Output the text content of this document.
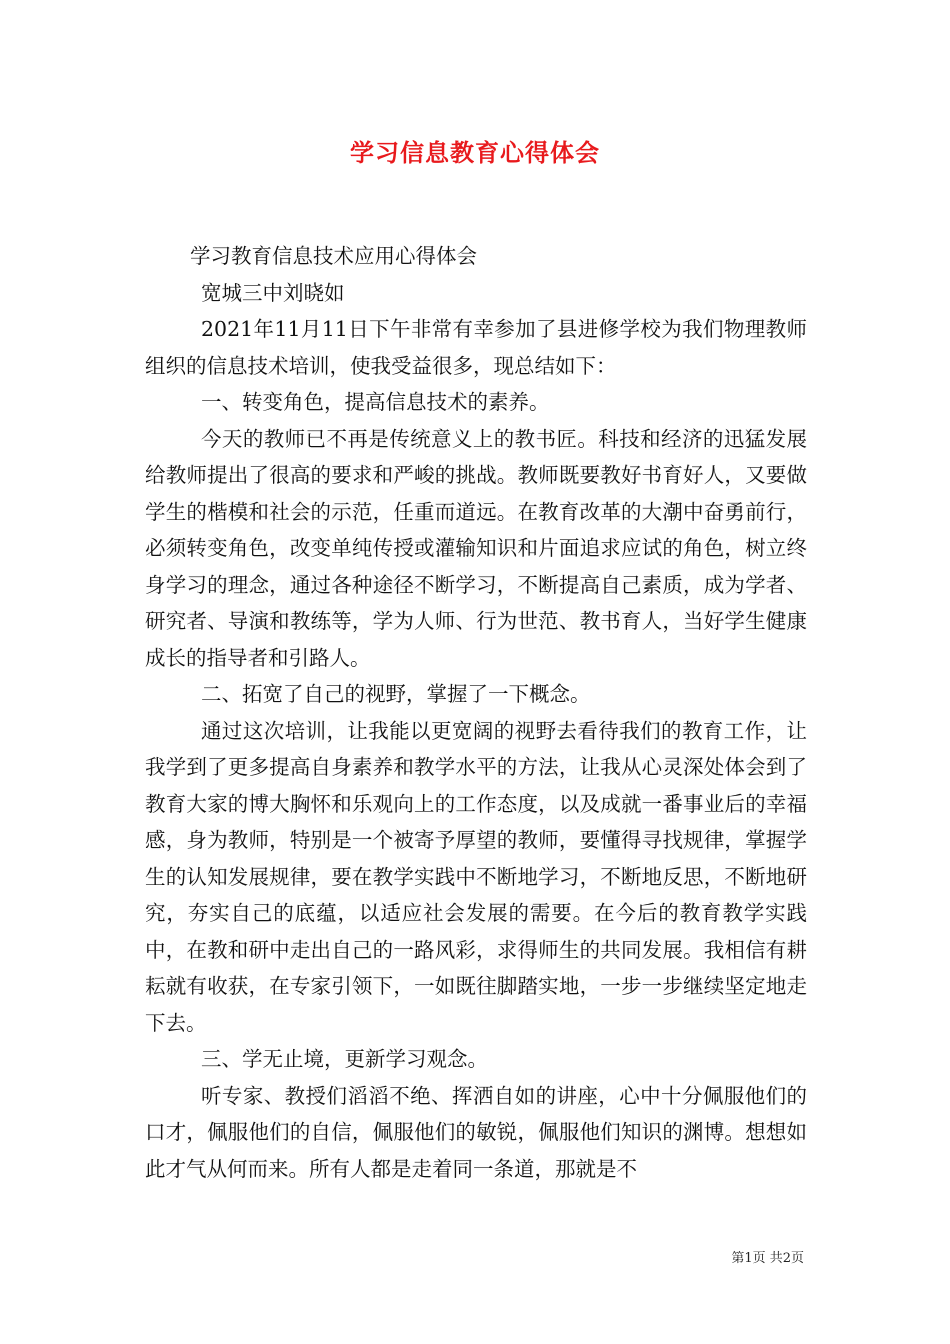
学习信息教育心得体会

学习教育信息技术应用心得体会

宽城三中刘晓如

2021年11月11日下午非常有幸参加了县进修学校为我们物理教师组织的信息技术培训，使我受益很多，现总结如下：

一、转变角色，提高信息技术的素养。

今天的教师已不再是传统意义上的教书匠。科技和经济的迅猛发展给教师提出了很高的要求和严峻的挑战。教师既要教好书育好人，又要做学生的楷模和社会的示范，任重而道远。在教育改革的大潮中奋勇前行，必须转变角色，改变单纯传授或灌输知识和片面追求应试的角色，树立终身学习的理念，通过各种途径不断学习，不断提高自己素质，成为学者、研究者、导演和教练等，学为人师、行为世范、教书育人，当好学生健康成长的指导者和引路人。

二、拓宽了自己的视野，掌握了一下概念。

通过这次培训，让我能以更宽阔的视野去看待我们的教育工作，让我学到了更多提高自身素养和教学水平的方法，让我从心灵深处体会到了教育大家的博大胸怀和乐观向上的工作态度，以及成就一番事业后的幸福感，身为教师，特别是一个被寄予厚望的教师，要懂得寻找规律，掌握学生的认知发展规律，要在教学实践中不断地学习，不断地反思，不断地研究，夯实自己的底蕴，以适应社会发展的需要。在今后的教育教学实践中，在教和研中走出自己的一路风彩，求得师生的共同发展。我相信有耕耘就有收获，在专家引领下，一如既往脚踏实地，一步一步继续坚定地走下去。

三、学无止境，更新学习观念。

听专家、教授们滔滔不绝、挥洒自如的讲座，心中十分佩服他们的口才，佩服他们的自信，佩服他们的敏锐，佩服他们知识的渊博。想想如此才气从何而来。所有人都是走着同一条道，那就是不

第1页 共2页
